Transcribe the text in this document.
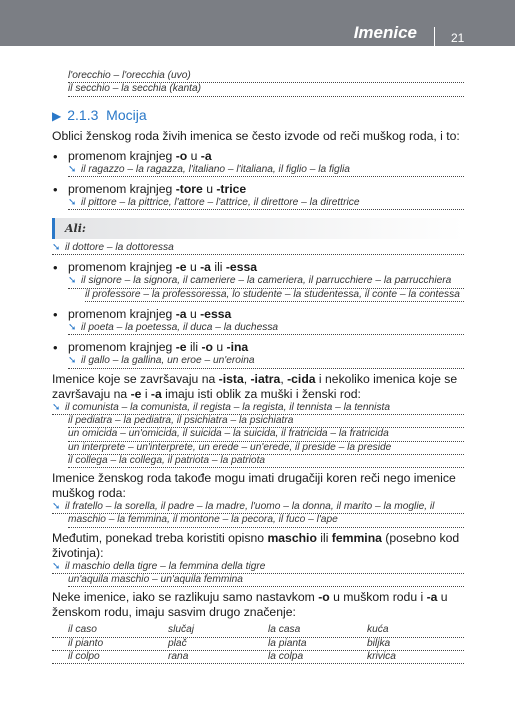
Imenice	21
l'orecchio – l'orecchia (uvo)
il secchio – la secchia (kanta)
▶ 2.1.3 Mocija
Oblici ženskog roda živih imenica se često izvode od reči muškog roda, i to:
• promenom krajnjeg -o u -a
➘ il ragazzo – la ragazza, l'italiano – l'italiana, il figlio – la figlia
• promenom krajnjeg -tore u -trice
➘ il pittore – la pittrice, l'attore – l'attrice, il direttore – la direttrice
Ali:
➘ il dottore – la dottoressa
• promenom krajnjeg -e u -a ili -essa
➘ il signore – la signora, il cameriere – la cameriera, il parrucchiere – la parrucchiera
il professore – la professoressa, lo studente – la studentessa, il conte – la contessa
• promenom krajnjeg -a u -essa
➘ il poeta – la poetessa, il duca – la duchessa
• promenom krajnjeg -e ili -o u -ina
➘ il gallo – la gallina, un eroe – un'eroina
Imenice koje se završavaju na -ista, -iatra, -cida i nekoliko imenica koje se završavaju na -e i -a imaju isti oblik za muški i ženski rod:
➘ il comunista – la comunista, il regista – la regista, il tennista – la tennista
il pediatra – la pediatra, il psichiatra – la psichiatra
un omicida – un'omicida, il suicida – la suicida, il fratricida – la fratricida
un interprete – un'interprete, un erede – un'erede, il preside – la preside
il collega – la collega, il patriota – la patriota
Imenice ženskog roda takođe mogu imati drugačiji koren reči nego imenice muškog roda:
➘ il fratello – la sorella, il padre – la madre, l'uomo – la donna, il marito – la moglie, il
maschio – la femmina, il montone – la pecora, il fuco – l'ape
Međutim, ponekad treba koristiti opisno maschio ili femmina (posebno kod životinja):
➘ il maschio della tigre – la femmina della tigre
un'aquila maschio – un'aquila femmina
Neke imenice, iako se razlikuju samo nastavkom -o u muškom rodu i -a u ženskom rodu, imaju sasvim drugo značenje:
il caso	slučaj	la casa	kuća
il pianto	plač	la pianta	biljka
il colpo	rana	la colpa	krivica
